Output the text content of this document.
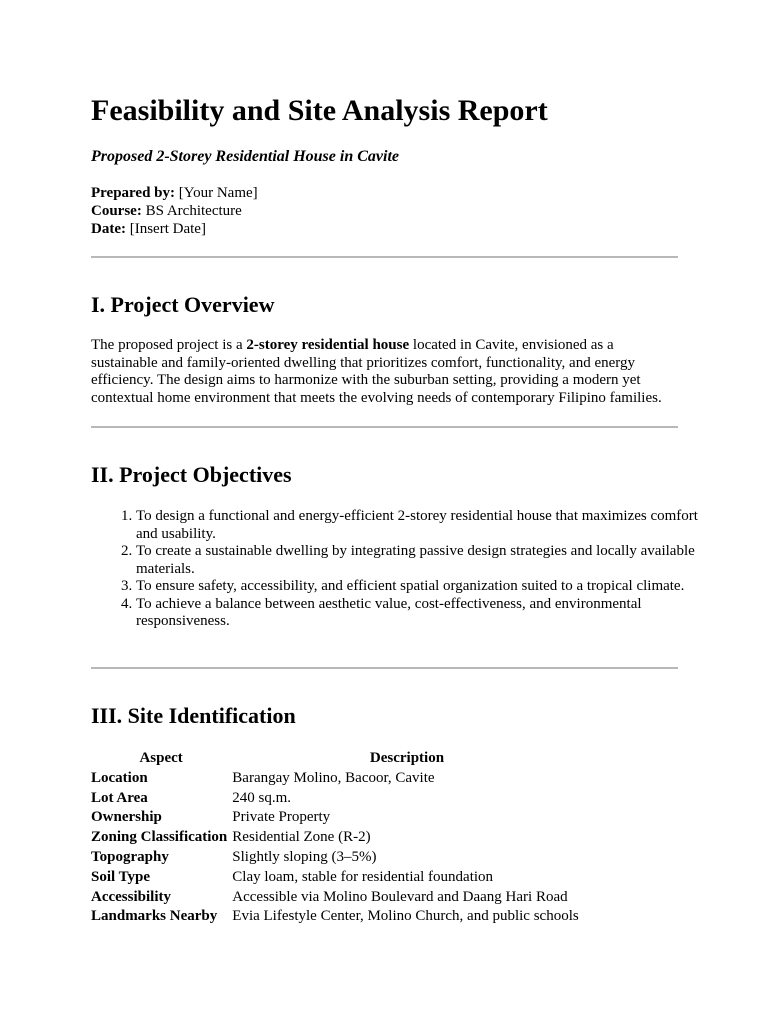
Feasibility and Site Analysis Report
Proposed 2-Storey Residential House in Cavite
Prepared by: [Your Name]
Course: BS Architecture
Date: [Insert Date]
I. Project Overview

The proposed project is a 2-storey residential house located in Cavite, envisioned as a sustainable and family-oriented dwelling that prioritizes comfort, functionality, and energy efficiency. The design aims to harmonize with the suburban setting, providing a modern yet contextual home environment that meets the evolving needs of contemporary Filipino families.

II. Project Objectives
1. To design a functional and energy-efficient 2-storey residential house that maximizes comfort and usability.
2. To create a sustainable dwelling by integrating passive design strategies and locally available materials.
3. To ensure safety, accessibility, and efficient spatial organization suited to a tropical climate.
4. To achieve a balance between aesthetic value, cost-effectiveness, and environmental responsiveness.
III. Site Identification
Aspect	Description
Location	Barangay Molino, Bacoor, Cavite
Lot Area	240 sq.m.
Ownership	Private Property
Zoning Classification	Residential Zone (R-2)
Topography	Slightly sloping (3–5%)
Soil Type	Clay loam, stable for residential foundation
Accessibility	Accessible via Molino Boulevard and Daang Hari Road
Landmarks Nearby	Evia Lifestyle Center, Molino Church, and public schools
